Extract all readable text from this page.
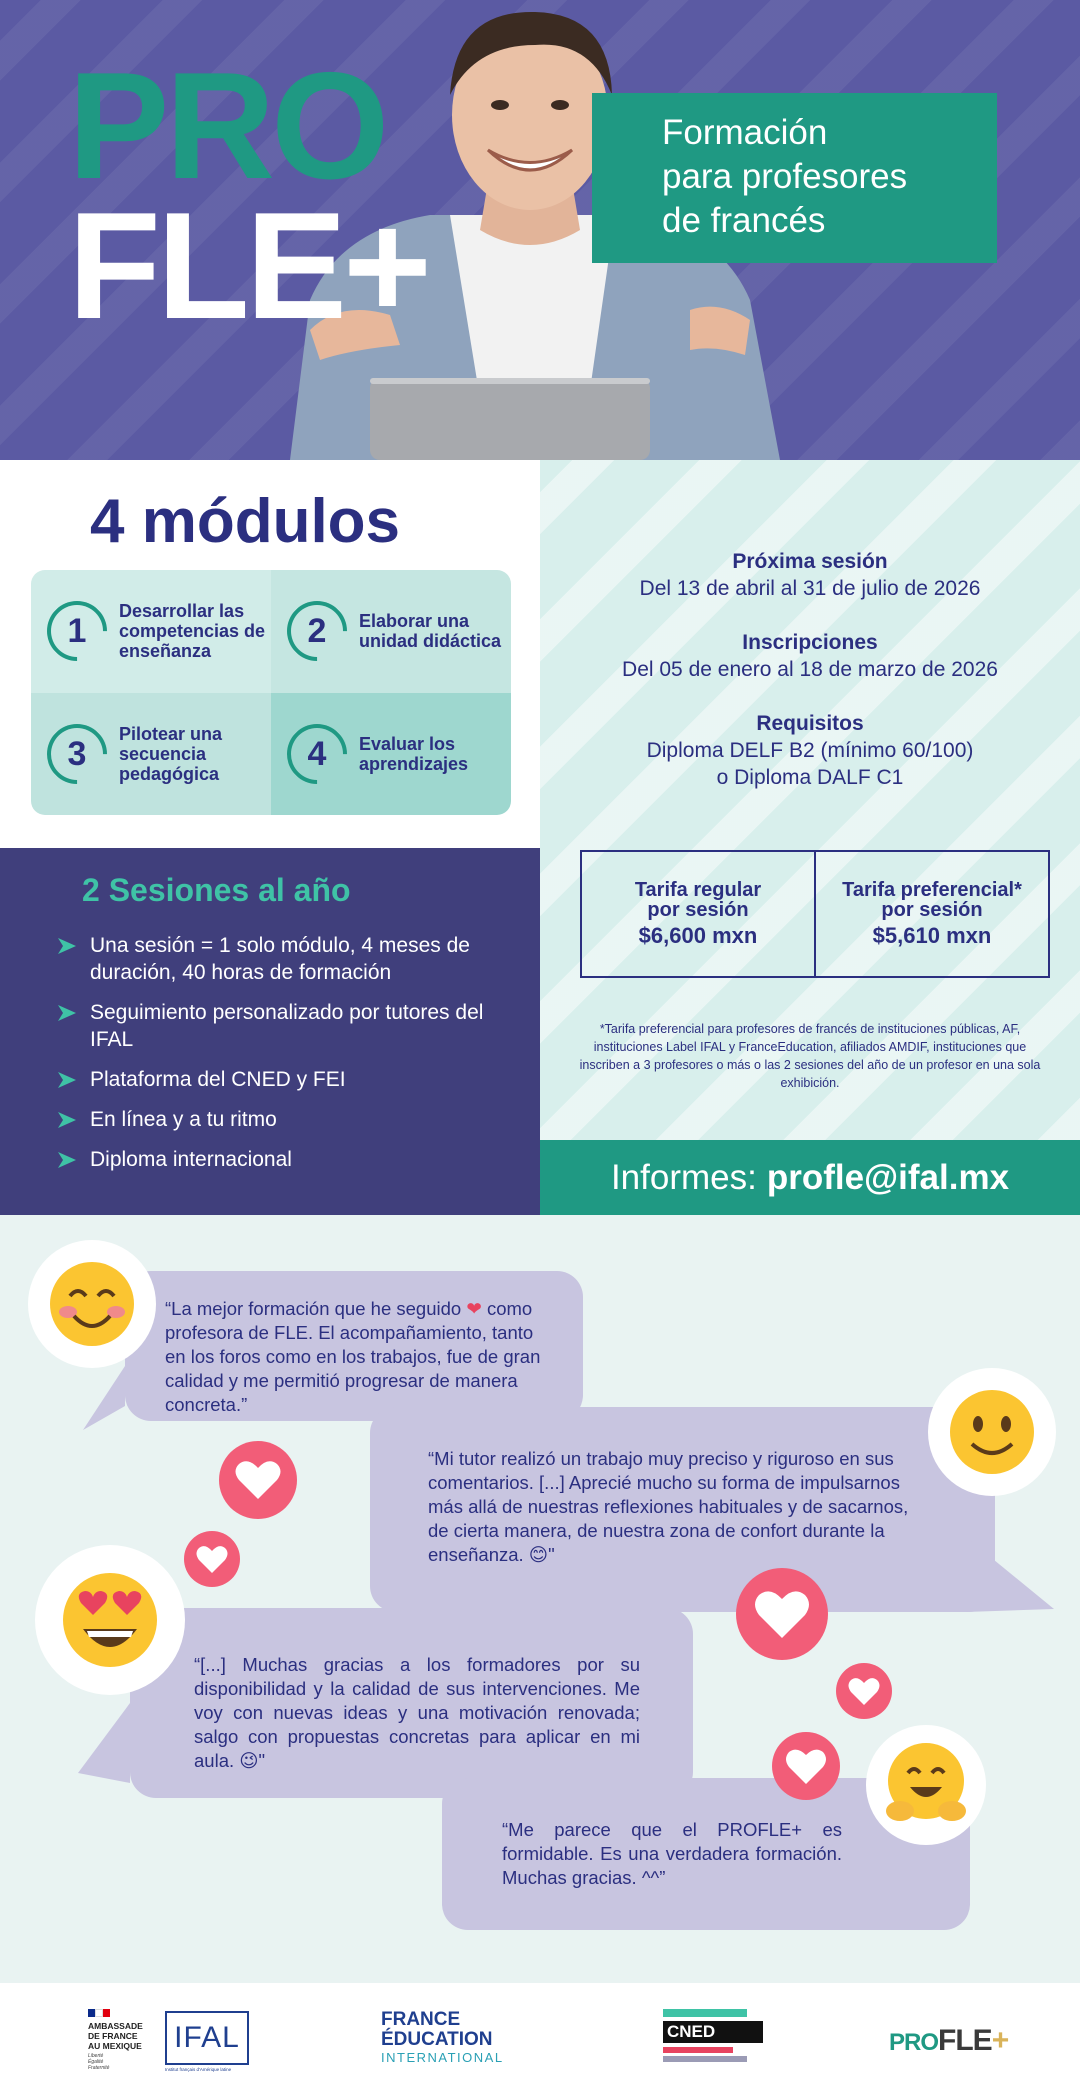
PRO
FLE+
Formación
para profesores
de francés
4 módulos
1
Desarrollar las competencias de enseñanza
2 Elaborar una unidad didáctica
3
Pilotear una secuencia pedagógica
4 Evaluar los aprendizajes
2 Sesiones al año
Una sesión = 1 solo módulo, 4 meses de duración, 40 horas de formación
Seguimiento personalizado por tutores del IFAL
Plataforma del CNED y FEI
En línea y a tu ritmo
Diploma internacional
Próxima sesión
Del 13 de abril al 31 de julio de 2026
Inscripciones
Del 05 de enero al 18 de marzo de 2026
Requisitos
Diploma DELF B2 (mínimo 60/100)
o Diploma DALF C1
Tarifa regular
por sesión
$6,600 mxn
Tarifa preferencial*
por sesión
$5,610 mxn

*Tarifa preferencial para profesores de francés de instituciones públicas, AF, instituciones Label IFAL y FranceEducation, afiliados AMDIF, instituciones que inscriben a 3 profesores o más o las 2 sesiones del año de un profesor en una sola exhibición.

Informes: profle@ifal.mx

“La mejor formación que he seguido ❤ como profesora de FLE. El acompañamiento, tanto en los foros como en los trabajos, fue de gran calidad y me permitió progresar de manera concreta.”

“Mi tutor realizó un trabajo muy preciso y riguroso en sus comentarios. [...] Aprecié mucho su forma de impulsarnos más allá de nuestras reflexiones habituales y de sacarnos, de cierta manera, de nuestra zona de confort durante la enseñanza. 😊"

“[...] Muchas gracias a los formadores por su disponibilidad y la calidad de sus intervenciones. Me voy con nuevas ideas y una motivación renovada; salgo con propuestas concretas para aplicar en mi aula. 😉"

“Me parece que el PROFLE+ es formidable. Es una verdadera formación. Muchas gracias. ^^”

AMBASSADE
DE FRANCE
AU MEXIQUE
Liberté
Égalité
Fraternité
IFAL
Institut français d'Amérique latine
FRANCE
ÉDUCATION
INTERNATIONAL
CNED	PROFLE+
